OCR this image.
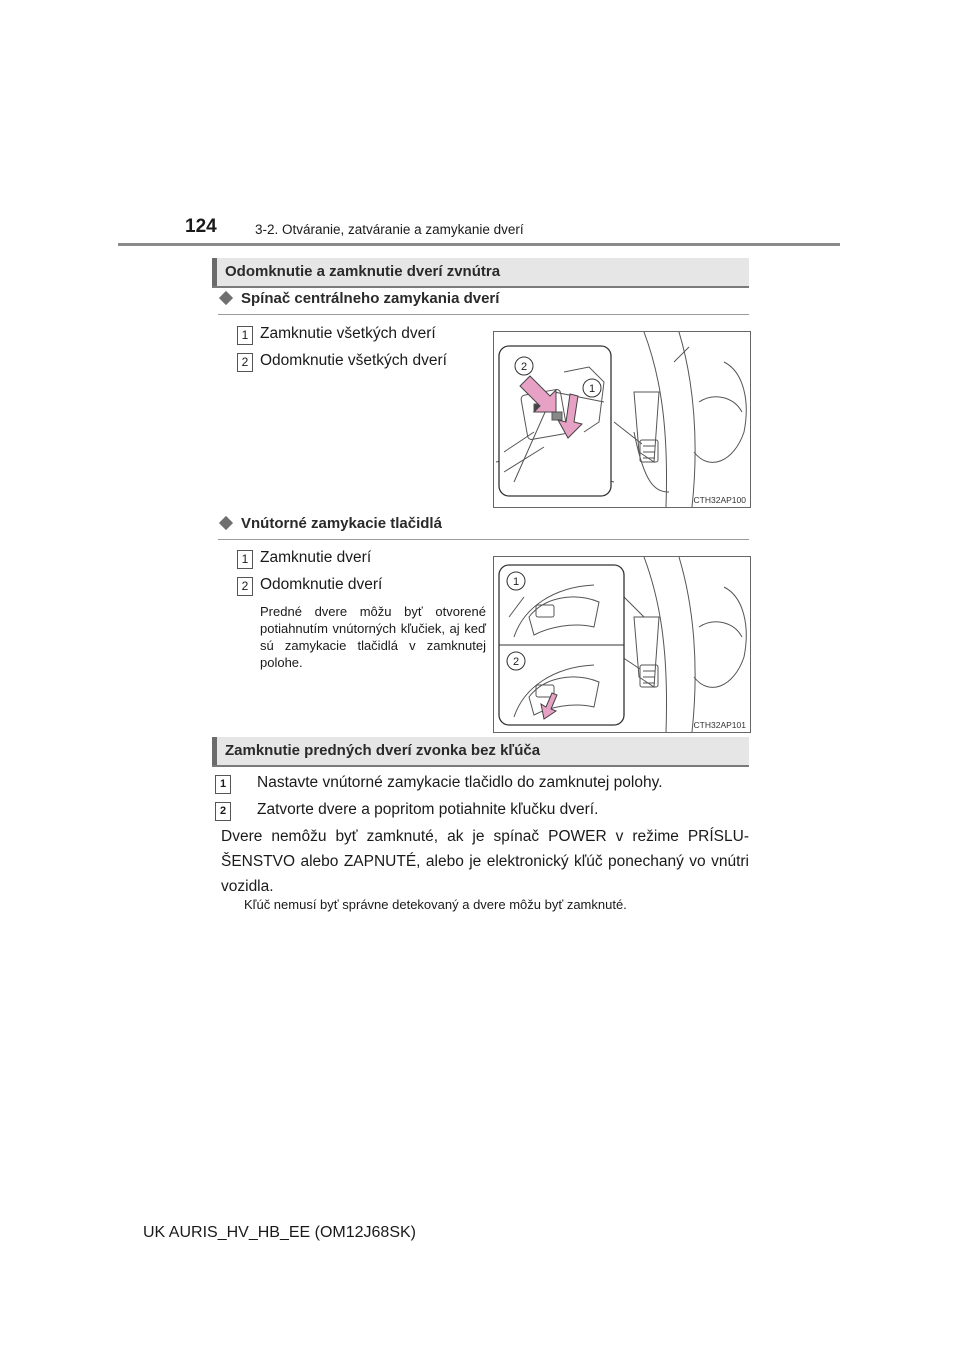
124	3-2. Otváranie, zatváranie a zamykanie dverí
Odomknutie a zamknutie dverí zvnútra
Spínač centrálneho zamykania dverí
1 Zamknutie všetkých dverí
2 Odomknutie všetkých dverí	2
1
CTH32AP100
Vnútorné zamykacie tlačidlá
1 Zamknutie dverí
2 Odomknutie dverí
Predné dvere môžu byť otvorené potiahnutím vnútorných kľučiek, aj keď sú zamykacie tlačidlá v zamknutej polohe.
1
2
CTH32AP101
Zamknutie predných dverí zvonka bez kľúča
1	Nastavte vnútorné zamykacie tlačidlo do zamknutej polohy.
2	Zatvorte dvere a popritom potiahnite kľučku dverí.
Dvere nemôžu byť zamknuté, ak je spínač POWER v režime PRÍSLU-ŠENSTVO alebo ZAPNUTÉ, alebo je elektronický kľúč ponechaný vo vnútri vozidla.
Kľúč nemusí byť správne detekovaný a dvere môžu byť zamknuté.
UK AURIS_HV_HB_EE (OM12J68SK)
